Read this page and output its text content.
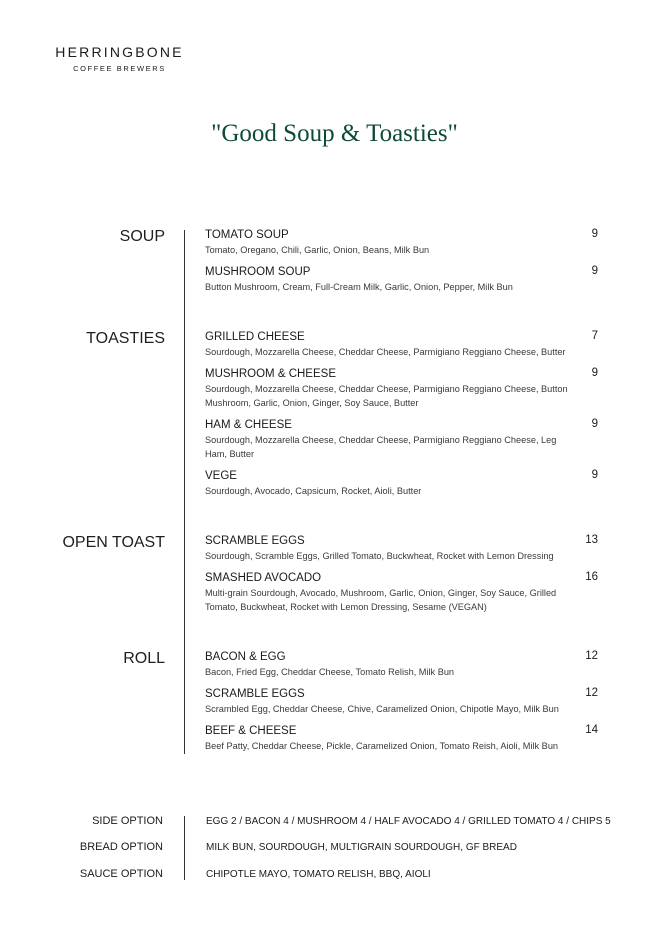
HERRINGBONE
COFFEE BREWERS
"Good Soup & Toasties"
SOUP	TOMATO SOUP
Tomato, Oregano, Chili, Garlic, Onion, Beans, Milk Bun
9
MUSHROOM SOUP
Button Mushroom, Cream, Full-Cream Milk, Garlic, Onion, Pepper, Milk Bun
9
TOASTIES	GRILLED CHEESE
Sourdough, Mozzarella Cheese, Cheddar Cheese, Parmigiano Reggiano Cheese, Butter
7
MUSHROOM & CHEESE
Sourdough, Mozzarella Cheese, Cheddar Cheese, Parmigiano Reggiano Cheese, Button Mushroom, Garlic, Onion, Ginger, Soy Sauce, Butter
9
HAM & CHEESE
Sourdough, Mozzarella Cheese, Cheddar Cheese, Parmigiano Reggiano Cheese, Leg Ham, Butter
9
VEGE
Sourdough, Avocado, Capsicum, Rocket, Aioli, Butter
9
OPEN TOAST	SCRAMBLE EGGS
Sourdough, Scramble Eggs, Grilled Tomato, Buckwheat, Rocket with Lemon Dressing
13
SMASHED AVOCADO
Multi-grain Sourdough, Avocado, Mushroom, Garlic, Onion, Ginger, Soy Sauce, Grilled Tomato, Buckwheat, Rocket with Lemon Dressing, Sesame (VEGAN)
16
ROLL	BACON & EGG
Bacon, Fried Egg, Cheddar Cheese, Tomato Relish, Milk Bun
12
SCRAMBLE EGGS
Scrambled Egg, Cheddar Cheese, Chive, Caramelized Onion, Chipotle Mayo, Milk Bun
12
BEEF & CHEESE
Beef Patty, Cheddar Cheese, Pickle, Caramelized Onion, Tomato Reish, Aioli, Milk Bun
14
SIDE OPTION	EGG 2 / BACON 4 / MUSHROOM 4 / HALF AVOCADO 4 / GRILLED TOMATO 4 / CHIPS 5
BREAD OPTION	MILK BUN, SOURDOUGH, MULTIGRAIN SOURDOUGH, GF BREAD
SAUCE OPTION	CHIPOTLE MAYO, TOMATO RELISH, BBQ, AIOLI
